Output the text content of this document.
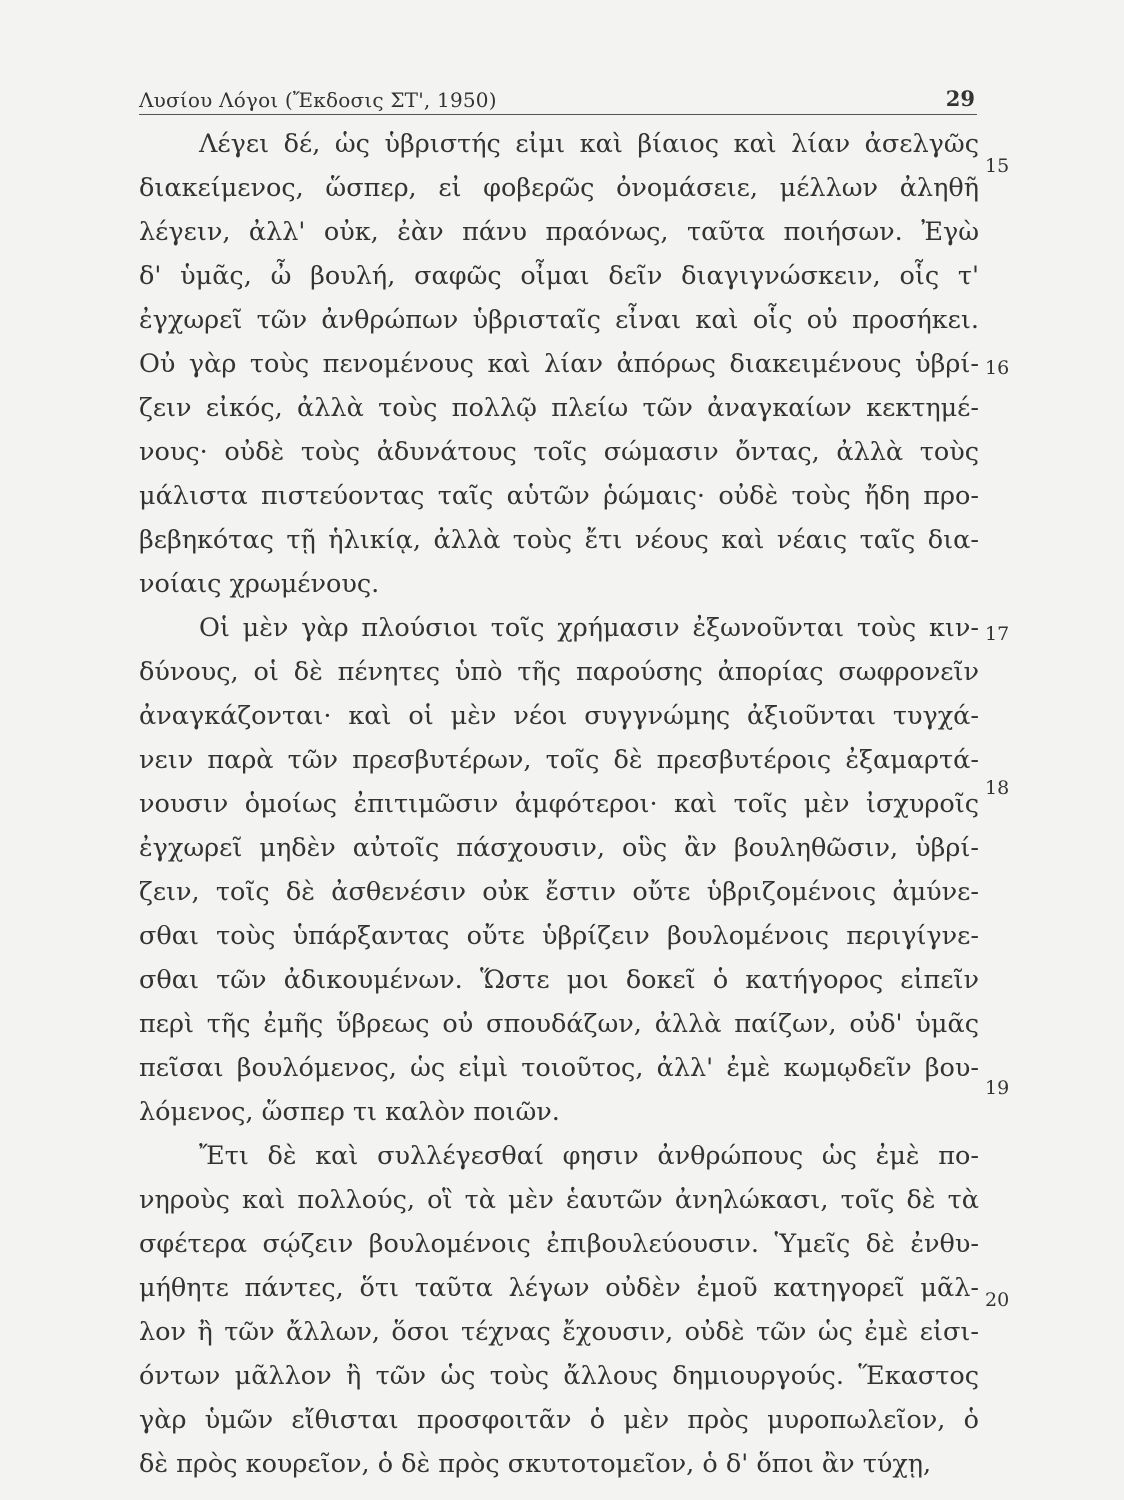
Λυσίου Λόγοι (Ἔκδοσις ΣΤ', 1950)	29
Λέγει δέ, ὡς ὑβριστής εἰμι καὶ βίαιος καὶ λίαν ἀσελγῶς
διακείμενος, ὥσπερ, εἰ φοβερῶς ὀνομάσειε, μέλλων ἀληθῆ
λέγειν, ἀλλ' οὐκ, ἐὰν πάνυ πραόνως, ταῦτα ποιήσων. Ἐγὼ
δ' ὑμᾶς, ὦ βουλή, σαφῶς οἶμαι δεῖν διαγιγνώσκειν, οἷς τ'
ἐγχωρεῖ τῶν ἀνθρώπων ὑβρισταῖς εἶναι καὶ οἷς οὐ προσήκει.
Οὐ γὰρ τοὺς πενομένους καὶ λίαν ἀπόρως διακειμένους ὑβρί-
ζειν εἰκός, ἀλλὰ τοὺς πολλῷ πλείω τῶν ἀναγκαίων κεκτημέ-
νους· οὐδὲ τοὺς ἀδυνάτους τοῖς σώμασιν ὄντας, ἀλλὰ τοὺς
μάλιστα πιστεύοντας ταῖς αὑτῶν ῥώμαις· οὐδὲ τοὺς ἤδη προ-
βεβηκότας τῇ ἡλικίᾳ, ἀλλὰ τοὺς ἔτι νέους καὶ νέαις ταῖς δια-
νοίαις χρωμένους.
Οἱ μὲν γὰρ πλούσιοι τοῖς χρήμασιν ἐξωνοῦνται τοὺς κιν-
δύνους, οἱ δὲ πένητες ὑπὸ τῆς παρούσης ἀπορίας σωφρονεῖν
ἀναγκάζονται· καὶ οἱ μὲν νέοι συγγνώμης ἀξιοῦνται τυγχά-
νειν παρὰ τῶν πρεσβυτέρων, τοῖς δὲ πρεσβυτέροις ἐξαμαρτά-
νουσιν ὁμοίως ἐπιτιμῶσιν ἀμφότεροι· καὶ τοῖς μὲν ἰσχυροῖς
ἐγχωρεῖ μηδὲν αὐτοῖς πάσχουσιν, οὓς ἂν βουληθῶσιν, ὑβρί-
ζειν, τοῖς δὲ ἀσθενέσιν οὐκ ἔστιν οὔτε ὑβριζομένοις ἀμύνε-
σθαι τοὺς ὑπάρξαντας οὔτε ὑβρίζειν βουλομένοις περιγίγνε-
σθαι τῶν ἀδικουμένων. Ὥστε μοι δοκεῖ ὁ κατήγορος εἰπεῖν
περὶ τῆς ἐμῆς ὕβρεως οὐ σπουδάζων, ἀλλὰ παίζων, οὐδ' ὑμᾶς
πεῖσαι βουλόμενος, ὡς εἰμὶ τοιοῦτος, ἀλλ' ἐμὲ κωμῳδεῖν βου-
λόμενος, ὥσπερ τι καλὸν ποιῶν.
Ἔτι δὲ καὶ συλλέγεσθαί φησιν ἀνθρώπους ὡς ἐμὲ πο-
νηροὺς καὶ πολλούς, οἳ τὰ μὲν ἑαυτῶν ἀνηλώκασι, τοῖς δὲ τὰ
σφέτερα σῴζειν βουλομένοις ἐπιβουλεύουσιν. Ὑμεῖς δὲ ἐνθυ-
μήθητε πάντες, ὅτι ταῦτα λέγων οὐδὲν ἐμοῦ κατηγορεῖ μᾶλ-
λον ἢ τῶν ἄλλων, ὅσοι τέχνας ἔχουσιν, οὐδὲ τῶν ὡς ἐμὲ εἰσι-
όντων μᾶλλον ἢ τῶν ὡς τοὺς ἄλλους δημιουργούς. Ἕκαστος
γὰρ ὑμῶν εἴθισται προσφοιτᾶν ὁ μὲν πρὸς μυροπωλεῖον, ὁ
δὲ πρὸς κουρεῖον, ὁ δὲ πρὸς σκυτοτομεῖον, ὁ δ' ὅποι ἂν τύχῃ,
15
16
17
18
19
20
